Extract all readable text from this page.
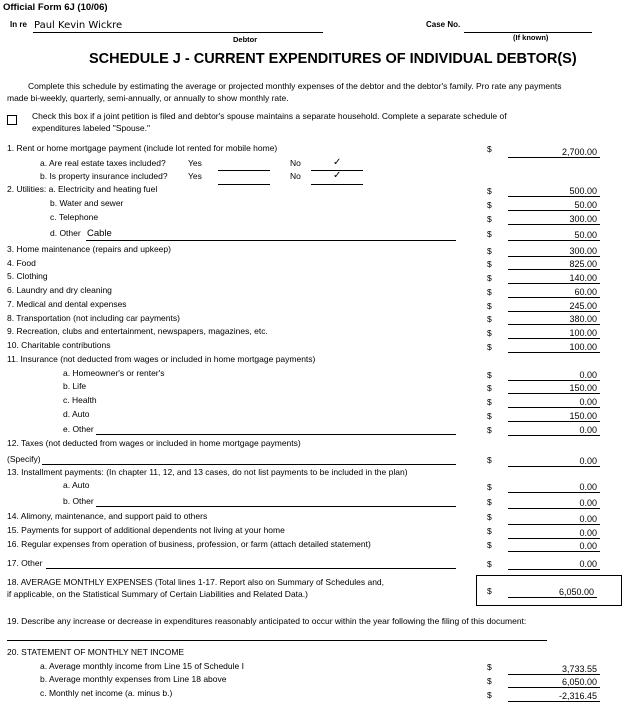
Official Form 6J (10/06)
In re Paul Kevin Wickre
Debtor
Case No.
(If known)
SCHEDULE J - CURRENT EXPENDITURES OF INDIVIDUAL DEBTOR(S)
Complete this schedule by estimating the average or projected monthly expenses of the debtor and the debtor's family. Pro rate any payments
made bi-weekly, quarterly, semi-annually, or annually to show monthly rate.
Check this box if a joint petition is filed and debtor's spouse maintains a separate household. Complete a separate schedule of
expenditures labeled "Spouse."
1. Rent or home mortgage payment (include lot rented for mobile home)	$	2,700.00
a. Are real estate taxes included?	Yes	No	✓
b. Is property insurance included? Yes	No	✓
2. Utilities: a. Electricity and heating fuel	$	500.00
b. Water and sewer	$	50.00
c. Telephone	$	300.00
d. Other Cable	$	50.00
3. Home maintenance (repairs and upkeep)	$	300.00
4. Food	$	825.00
5. Clothing	$	140.00
6. Laundry and dry cleaning	$	60.00
7. Medical and dental expenses	$	245.00
8. Transportation (not including car payments)	$	380.00
9. Recreation, clubs and entertainment, newspapers, magazines, etc.	$	100.00
10. Charitable contributions	$	100.00
11. Insurance (not deducted from wages or included in home mortgage payments)
a. Homeowner's or renter's	$	0.00
b. Life	$	150.00
c. Health	$	0.00
d. Auto	$	150.00
e. Other	$	0.00
12. Taxes (not deducted from wages or included in home mortgage payments)
(Specify)	$	0.00
13. Installment payments: (In chapter 11, 12, and 13 cases, do not list payments to be included in the plan)
a. Auto	$	0.00
b. Other	$	0.00
14. Alimony, maintenance, and support paid to others	$	0.00
15. Payments for support of additional dependents not living at your home	$	0.00
16. Regular expenses from operation of business, profession, or farm (attach detailed statement)	$	0.00
17. Other	$	0.00
18. AVERAGE MONTHLY EXPENSES (Total lines 1-17. Report also on Summary of Schedules and,
if applicable, on the Statistical Summary of Certain Liabilities and Related Data.)	$	6,050.00
19. Describe any increase or decrease in expenditures reasonably anticipated to occur within the year following the filing of this document:
20. STATEMENT OF MONTHLY NET INCOME
a. Average monthly income from Line 15 of Schedule I	$	3,733.55
b. Average monthly expenses from Line 18 above	$	6,050.00
c. Monthly net income (a. minus b.)	$	-2,316.45
